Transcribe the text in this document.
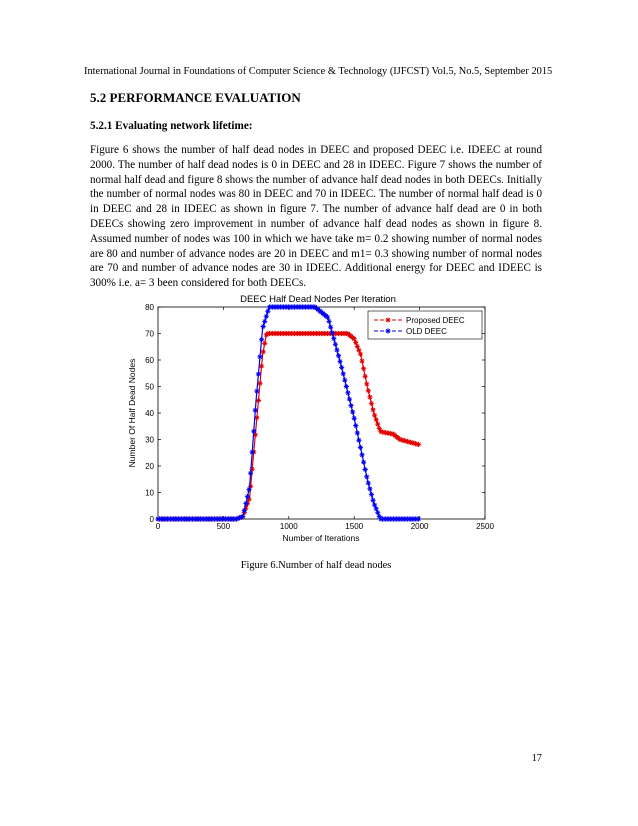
International Journal in Foundations of Computer Science & Technology (IJFCST) Vol.5, No.5, September 2015
5.2 PERFORMANCE EVALUATION
5.2.1 Evaluating network lifetime:

Figure 6 shows the number of half dead nodes in DEEC and proposed DEEC i.e. IDEEC at round 2000. The number of half dead nodes is 0 in DEEC and 28 in IDEEC. Figure 7 shows the number of normal half dead and figure 8 shows the number of advance half dead nodes in both DEECs. Initially the number of normal nodes was 80 in DEEC and 70 in IDEEC. The number of normal half dead is 0 in DEEC and 28 in IDEEC as shown in figure 7. The number of advance half dead are 0 in both DEECs showing zero improvement in number of advance half dead nodes as shown in figure 8. Assumed number of nodes was 100 in which we have take m= 0.2 showing number of normal nodes are 80 and number of advance nodes are 20 in DEEC and m1= 0.3 showing number of normal nodes are 70 and number of advance nodes are 30 in IDEEC. Additional energy for DEEC and IDEEC is 300% i.e. a= 3 been considered for both DEECs.

DEEC Half Dead Nodes Per Iteration
0	500	1000	1500	2000	2500
0
10
20
30
40
50
60
70
80
Number of Iterations
Number Of Half Dead Nodes
Proposed DEEC
OLD DEEC
Figure 6.Number of half dead nodes
17
